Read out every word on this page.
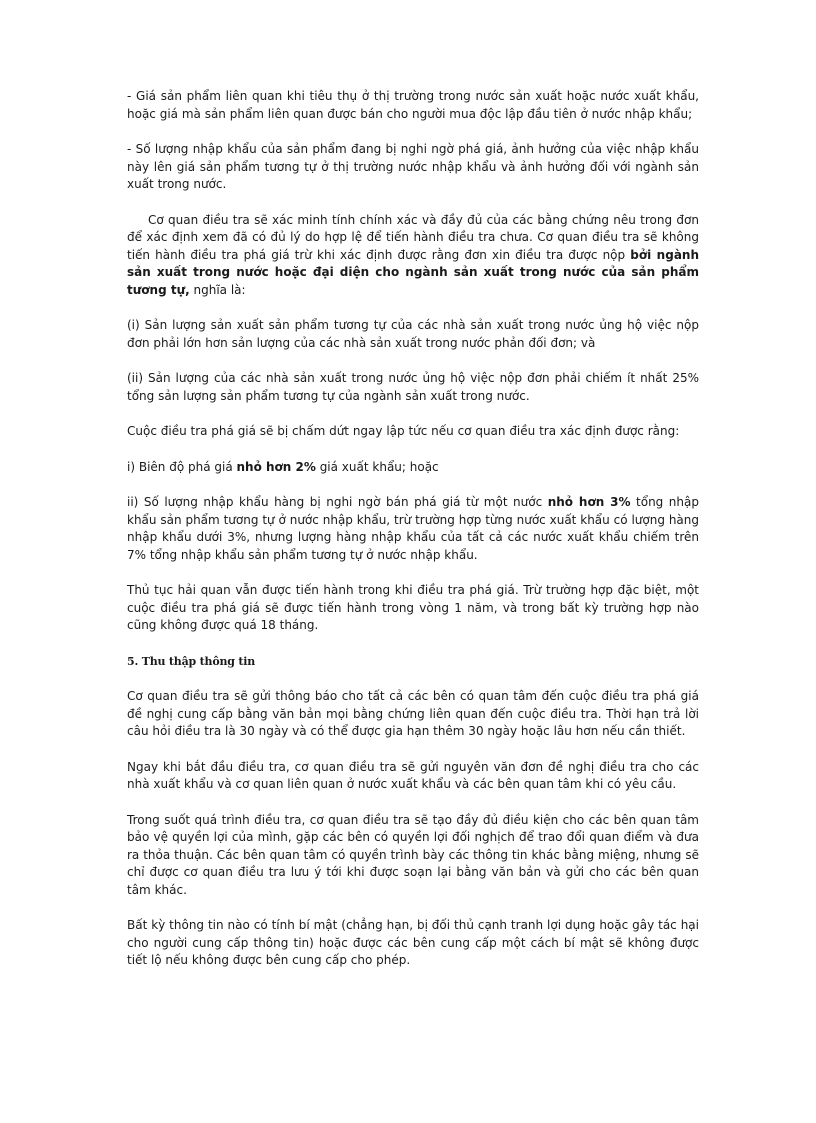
- Giá sản phẩm liên quan khi tiêu thụ ở thị trường trong nước sản xuất hoặc nước xuất khẩu, hoặc giá mà sản phẩm liên quan được bán cho người mua độc lập đầu tiên ở nước nhập khẩu;

- Số lượng nhập khẩu của sản phẩm đang bị nghi ngờ phá giá, ảnh hưởng của việc nhập khẩu này lên giá sản phẩm tương tự ở thị trường nước nhập khẩu và ảnh hưởng đối với ngành sản xuất trong nước.

Cơ quan điều tra sẽ xác minh tính chính xác và đầy đủ của các bằng chứng nêu trong đơn để xác định xem đã có đủ lý do hợp lệ để tiến hành điều tra chưa. Cơ quan điều tra sẽ không tiến hành điều tra phá giá trừ khi xác định được rằng đơn xin điều tra được nộp bởi ngành sản xuất trong nước hoặc đại diện cho ngành sản xuất trong nước của sản phẩm tương tự, nghĩa là:

(i) Sản lượng sản xuất sản phẩm tương tự của các nhà sản xuất trong nước ủng hộ việc nộp đơn phải lớn hơn sản lượng của các nhà sản xuất trong nước phản đối đơn; và

(ii) Sản lượng của các nhà sản xuất trong nước ủng hộ việc nộp đơn phải chiếm ít nhất 25% tổng sản lượng sản phẩm tương tự của ngành sản xuất trong nước.

Cuộc điều tra phá giá sẽ bị chấm dứt ngay lập tức nếu cơ quan điều tra xác định được rằng:

i) Biên độ phá giá nhỏ hơn 2% giá xuất khẩu; hoặc

ii) Số lượng nhập khẩu hàng bị nghi ngờ bán phá giá từ một nước nhỏ hơn 3% tổng nhập khẩu sản phẩm tương tự ở nước nhập khẩu, trừ trường hợp từng nước xuất khẩu có lượng hàng nhập khẩu dưới 3%, nhưng lượng hàng nhập khẩu của tất cả các nước xuất khẩu chiếm trên 7% tổng nhập khẩu sản phẩm tương tự ở nước nhập khẩu.

Thủ tục hải quan vẫn được tiến hành trong khi điều tra phá giá. Trừ trường hợp đặc biệt, một cuộc điều tra phá giá sẽ được tiến hành trong vòng 1 năm, và trong bất kỳ trường hợp nào cũng không được quá 18 tháng.

5. Thu thập thông tin

Cơ quan điều tra sẽ gửi thông báo cho tất cả các bên có quan tâm đến cuộc điều tra phá giá đề nghị cung cấp bằng văn bản mọi bằng chứng liên quan đến cuộc điều tra. Thời hạn trả lời câu hỏi điều tra là 30 ngày và có thể được gia hạn thêm 30 ngày hoặc lâu hơn nếu cần thiết.

Ngay khi bắt đầu điều tra, cơ quan điều tra sẽ gửi nguyên văn đơn đề nghị điều tra cho các nhà xuất khẩu và cơ quan liên quan ở nước xuất khẩu và các bên quan tâm khi có yêu cầu.

Trong suốt quá trình điều tra, cơ quan điều tra sẽ tạo đầy đủ điều kiện cho các bên quan tâm bảo vệ quyền lợi của mình, gặp các bên có quyền lợi đối nghịch để trao đổi quan điểm và đưa ra thỏa thuận. Các bên quan tâm có quyền trình bày các thông tin khác bằng miệng, nhưng sẽ chỉ được cơ quan điều tra lưu ý tới khi được soạn lại bằng văn bản và gửi cho các bên quan tâm khác.

Bất kỳ thông tin nào có tính bí mật (chẳng hạn, bị đối thủ cạnh tranh lợi dụng hoặc gây tác hại cho người cung cấp thông tin) hoặc được các bên cung cấp một cách bí mật sẽ không được tiết lộ nếu không được bên cung cấp cho phép.
